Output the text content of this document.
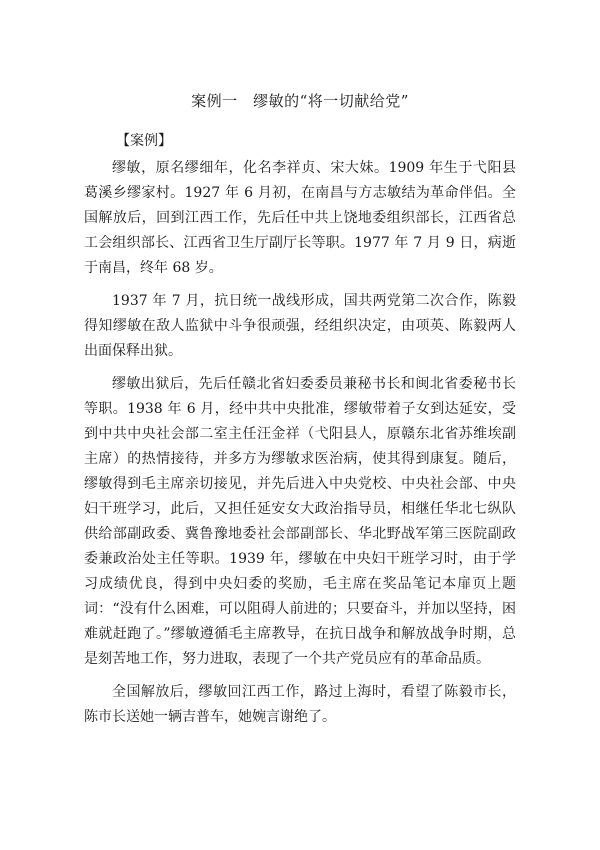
案例一　缪敏的“将一切献给党”
【案例】

缪敏，原名缪细年，化名李祥贞、宋大妹。1909 年生于弋阳县葛溪乡缪家村。1927 年 6 月初，在南昌与方志敏结为革命伴侣。全国解放后，回到江西工作，先后任中共上饶地委组织部长，江西省总工会组织部长、江西省卫生厅副厅长等职。1977 年 7 月 9 日，病逝于南昌，终年 68 岁。

1937 年 7 月，抗日统一战线形成，国共两党第二次合作，陈毅得知缪敏在敌人监狱中斗争很顽强，经组织决定，由项英、陈毅两人出面保释出狱。

缪敏出狱后，先后任赣北省妇委委员兼秘书长和闽北省委秘书长等职。1938 年 6 月，经中共中央批准，缪敏带着子女到达延安，受到中共中央社会部二室主任汪金祥（弋阳县人，原赣东北省苏维埃副主席）的热情接待，并多方为缪敏求医治病，使其得到康复。随后，缪敏得到毛主席亲切接见，并先后进入中央党校、中央社会部、中央妇干班学习，此后，又担任延安女大政治指导员，相继任华北七纵队供给部副政委、冀鲁豫地委社会部副部长、华北野战军第三医院副政委兼政治处主任等职。1939 年，缪敏在中央妇干班学习时，由于学习成绩优良，得到中央妇委的奖励，毛主席在奖品笔记本扉页上题词：“没有什么困难，可以阻碍人前进的；只要奋斗，并加以坚持，困难就赶跑了。”缪敏遵循毛主席教导，在抗日战争和解放战争时期，总是刻苦地工作，努力进取，表现了一个共产党员应有的革命品质。

全国解放后，缪敏回江西工作，路过上海时，看望了陈毅市长，陈市长送她一辆吉普车，她婉言谢绝了。
